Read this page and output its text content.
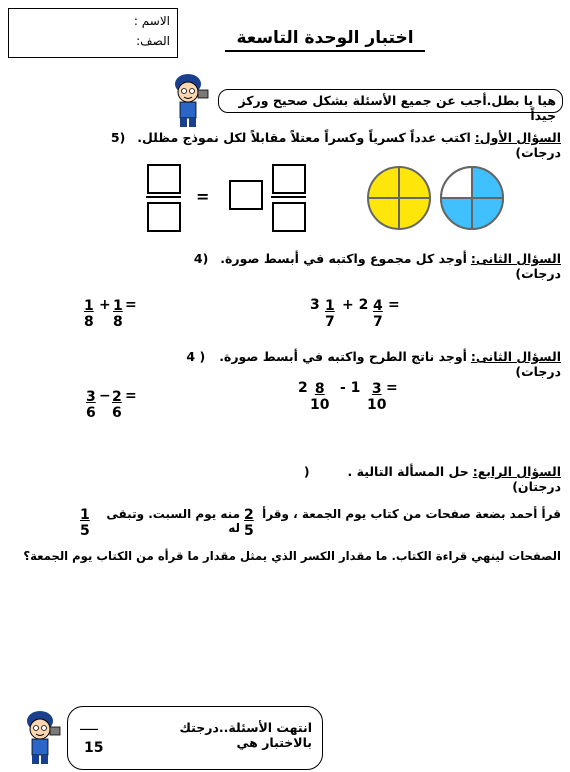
الاسم :
الصف:	اختبار الوحدة التاسعة
هيا يا بطل.أجب عن جميع الأسئلة بشكل صحيح وركز جيداً
السؤال الأول: اكتب عدداً كسرياً وكسراً معتلاً مقابلاً لكل نموذج مظلل. (5 درجات)
=
السؤال الثانى: أوجد كل مجموع واكتبه في أبسط صورة. (4 درجات)
1
8
+ 1
8
=	3 1
7
+ 2 4
7
=
السؤال الثانى: أوجد ناتج الطرح واكتبه في أبسط صورة. ( 4 درجات)
3
6
− 2
6
=	2 8
10
- 1 3
10
=
السؤال الرابع: حل المسألة التالية . ( درجتان)
قرأ أحمد بضعة صفحات من كتاب يوم الجمعة ، وقرأ
2
5
منه يوم السبت. وتبقى له
1
5
الصفحات لينهي قراءة الكتاب. ما مقدار الكسر الذي يمثل مقدار ما قرأه من الكتاب يوم الجمعة؟
انتهت الأسئلة..درجتك بالاختبار هي
___
15
